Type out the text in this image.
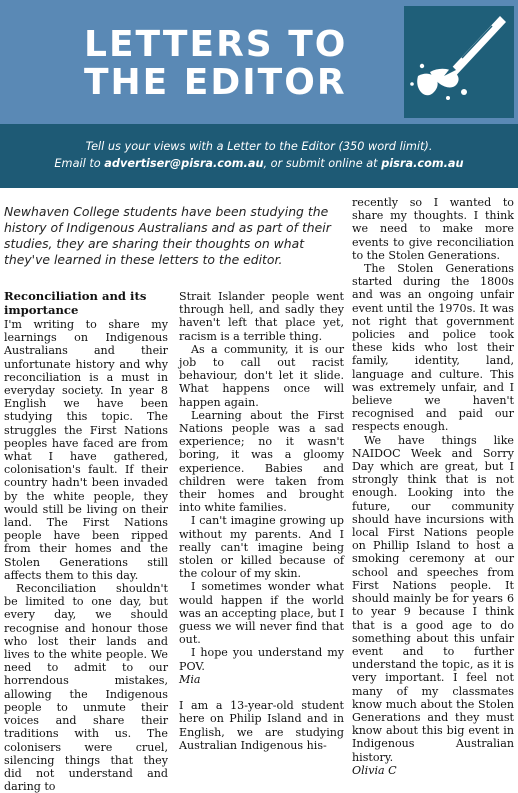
LETTERS TO
THE EDITOR
Tell us your views with a Letter to the Editor (350 word limit).
Email to advertiser@pisra.com.au, or submit online at pisra.com.au
Newhaven College students have been studying the history of Indigenous Australians and as part of their studies, they are sharing their thoughts on what they've learned in these letters to the editor.
Reconciliation and its importance

I'm writing to share my learnings on Indigenous Australians and their unfortunate history and why reconciliation is a must in everyday society. In year 8 English we have been studying this topic. The struggles the First Nations peoples have faced are from what I have gathered, colonisation's fault. If their country hadn't been invaded by the white people, they would still be living on their land. The First Nations people have been ripped from their homes and the Stolen Generations still affects them to this day.

Reconciliation shouldn't be limited to one day, but every day, we should recognise and honour those who lost their lands and lives to the white people. We need to admit to our horrendous mistakes, allowing the Indigenous people to unmute their voices and share their traditions with us. The colonisers were cruel, silencing things that they did not understand and daring to

Strait Islander people went through hell, and sadly they haven't left that place yet, racism is a terrible thing.

As a community, it is our job to call out racist behaviour, don't let it slide. What happens once will happen again.

Learning about the First Nations people was a sad experience; no it wasn't boring, it was a gloomy experience. Babies and children were taken from their homes and brought into white families.

I can't imagine growing up without my parents. And I really can't imagine being stolen or killed because of the colour of my skin.

I sometimes wonder what would happen if the world was an accepting place, but I guess we will never find that out.

I hope you understand my POV.

Mia

I am a 13-year-old student here on Philip Island and in English, we are studying Australian Indigenous his-

recently so I wanted to share my thoughts. I think we need to make more events to give reconciliation to the Stolen Generations.

The Stolen Generations started during the 1800s and was an ongoing unfair event until the 1970s. It was not right that government policies and police took these kids who lost their family, identity, land, language and culture. This was extremely unfair, and I believe we haven't recognised and paid our respects enough.

We have things like NAIDOC Week and Sorry Day which are great, but I strongly think that is not enough. Looking into the future, our community should have incursions with local First Nations people on Phillip Island to host a smoking ceremony at our school and speeches from First Nations people. It should mainly be for years 6 to year 9 because I think that is a good age to do something about this unfair event and to further understand the topic, as it is very important. I feel not many of my classmates know much about the Stolen Generations and they must know about this big event in Indigenous Australian history.

Olivia C
